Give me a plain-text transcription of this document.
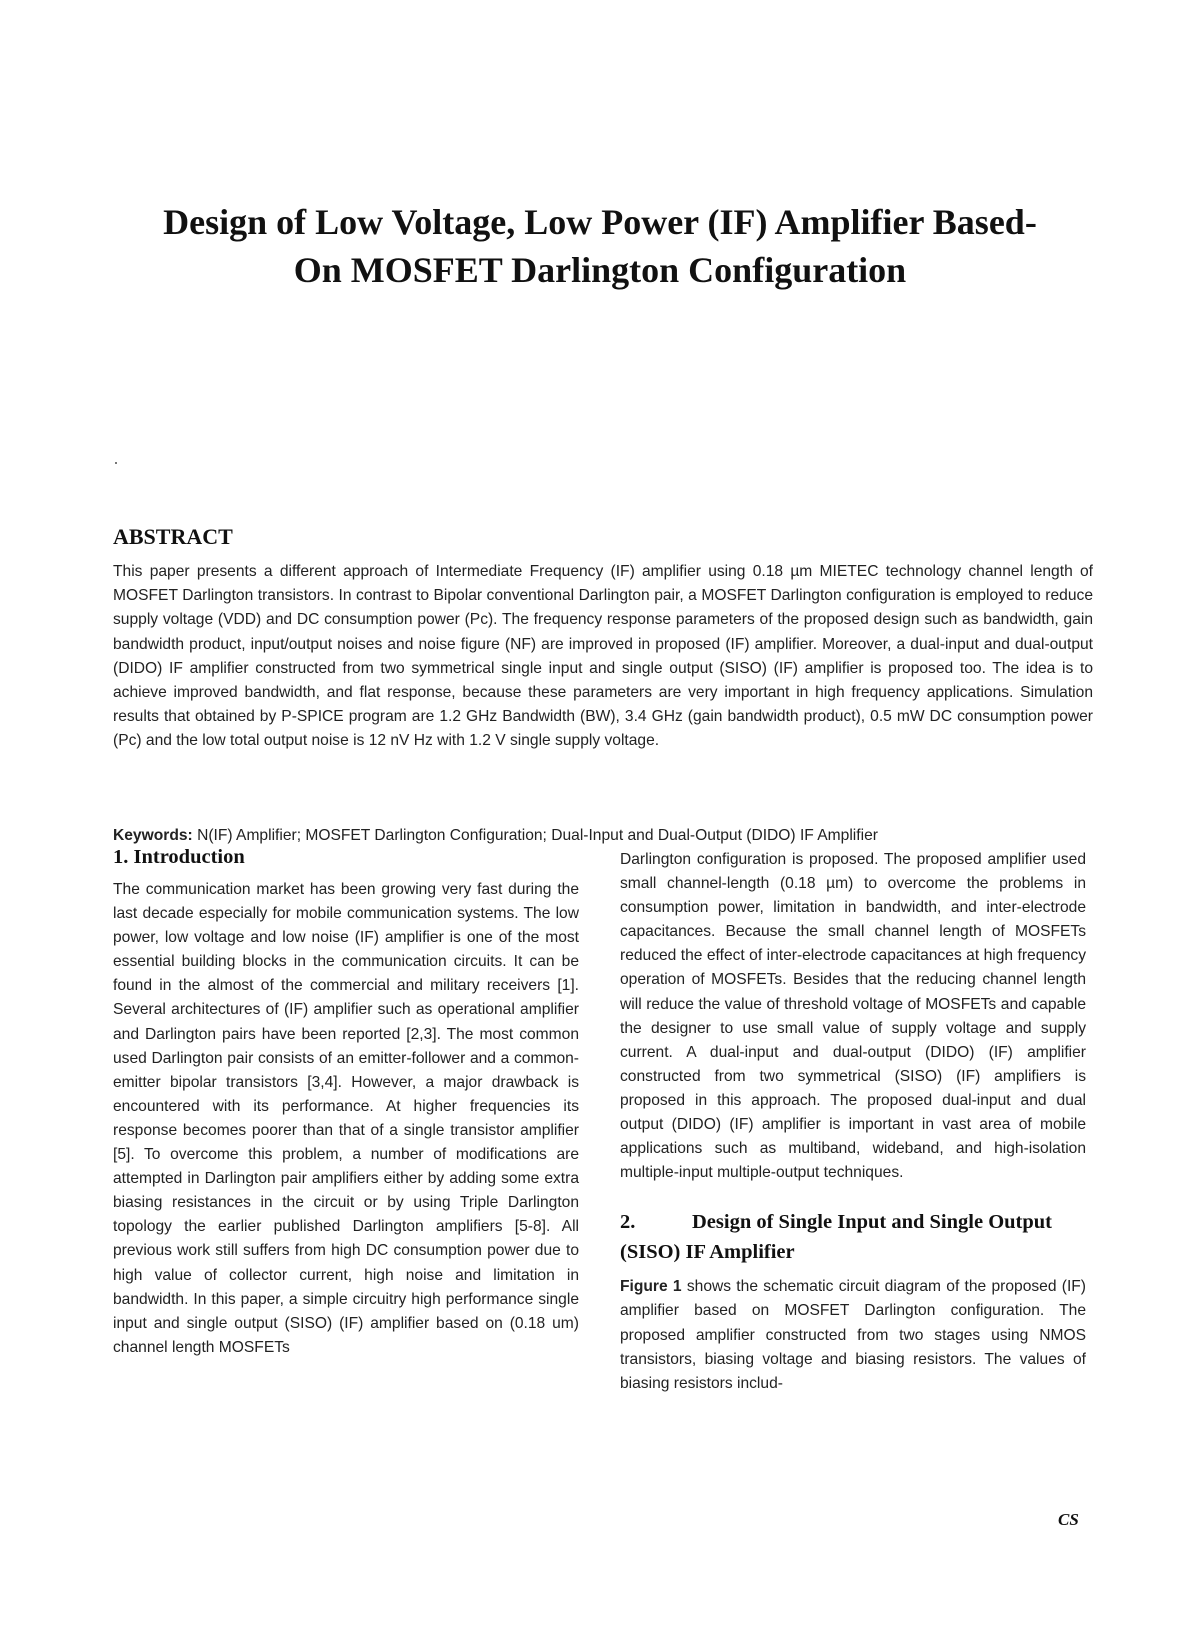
Design of Low Voltage, Low Power (IF) Amplifier Based-
On MOSFET Darlington Configuration
ABSTRACT

This paper presents a different approach of Intermediate Frequency (IF) amplifier using 0.18 µm MIETEC technology channel length of MOSFET Darlington transistors. In contrast to Bipolar conventional Darlington pair, a MOSFET Darlington configuration is employed to reduce supply voltage (VDD) and DC consumption power (Pc). The frequency response parameters of the proposed design such as bandwidth, gain bandwidth product, input/output noises and noise figure (NF) are improved in proposed (IF) amplifier. Moreover, a dual-input and dual-output (DIDO) IF amplifier constructed from two symmetrical single input and single output (SISO) (IF) amplifier is proposed too. The idea is to achieve improved bandwidth, and flat response, because these parameters are very important in high frequency applications. Simulation results that obtained by P-SPICE program are 1.2 GHz Bandwidth (BW), 3.4 GHz (gain bandwidth product), 0.5 mW DC consumption power (Pc) and the low total output noise is 12 nV Hz with 1.2 V single supply voltage.

Keywords: N(IF) Amplifier; MOSFET Darlington Configuration; Dual-Input and Dual-Output (DIDO) IF Amplifier
1. Introduction

The communication market has been growing very fast during the last decade especially for mobile communication systems. The low power, low voltage and low noise (IF) amplifier is one of the most essential building blocks in the communication circuits. It can be found in the almost of the commercial and military receivers [1]. Several architectures of (IF) amplifier such as operational amplifier and Darlington pairs have been reported [2,3]. The most common used Darlington pair consists of an emitter-follower and a common-emitter bipolar transistors [3,4]. However, a major drawback is encountered with its performance. At higher frequencies its response becomes poorer than that of a single transistor amplifier [5]. To overcome this problem, a number of modifications are attempted in Darlington pair amplifiers either by adding some extra biasing resistances in the circuit or by using Triple Darlington topology the earlier published Darlington amplifiers [5-8]. All previous work still suffers from high DC consumption power due to high value of collector current, high noise and limitation in bandwidth. In this paper, a simple circuitry high performance single input and single output (SISO) (IF) amplifier based on (0.18 um) channel length MOSFETs

Darlington configuration is proposed. The proposed amplifier used small channel-length (0.18 µm) to overcome the problems in consumption power, limitation in bandwidth, and inter-electrode capacitances. Because the small channel length of MOSFETs reduced the effect of inter-electrode capacitances at high frequency operation of MOSFETs. Besides that the reducing channel length will reduce the value of threshold voltage of MOSFETs and capable the designer to use small value of supply voltage and supply current. A dual-input and dual-output (DIDO) (IF) amplifier constructed from two symmetrical (SISO) (IF) amplifiers is proposed in this approach. The proposed dual-input and dual output (DIDO) (IF) amplifier is important in vast area of mobile applications such as multiband, wideband, and high-isolation multiple-input multiple-output techniques.

2.	Design of Single Input and Single Output (SISO) IF Amplifier

Figure 1 shows the schematic circuit diagram of the proposed (IF) amplifier based on MOSFET Darlington configuration. The proposed amplifier constructed from two stages using NMOS transistors, biasing voltage and biasing resistors. The values of biasing resistors includ-

CS
